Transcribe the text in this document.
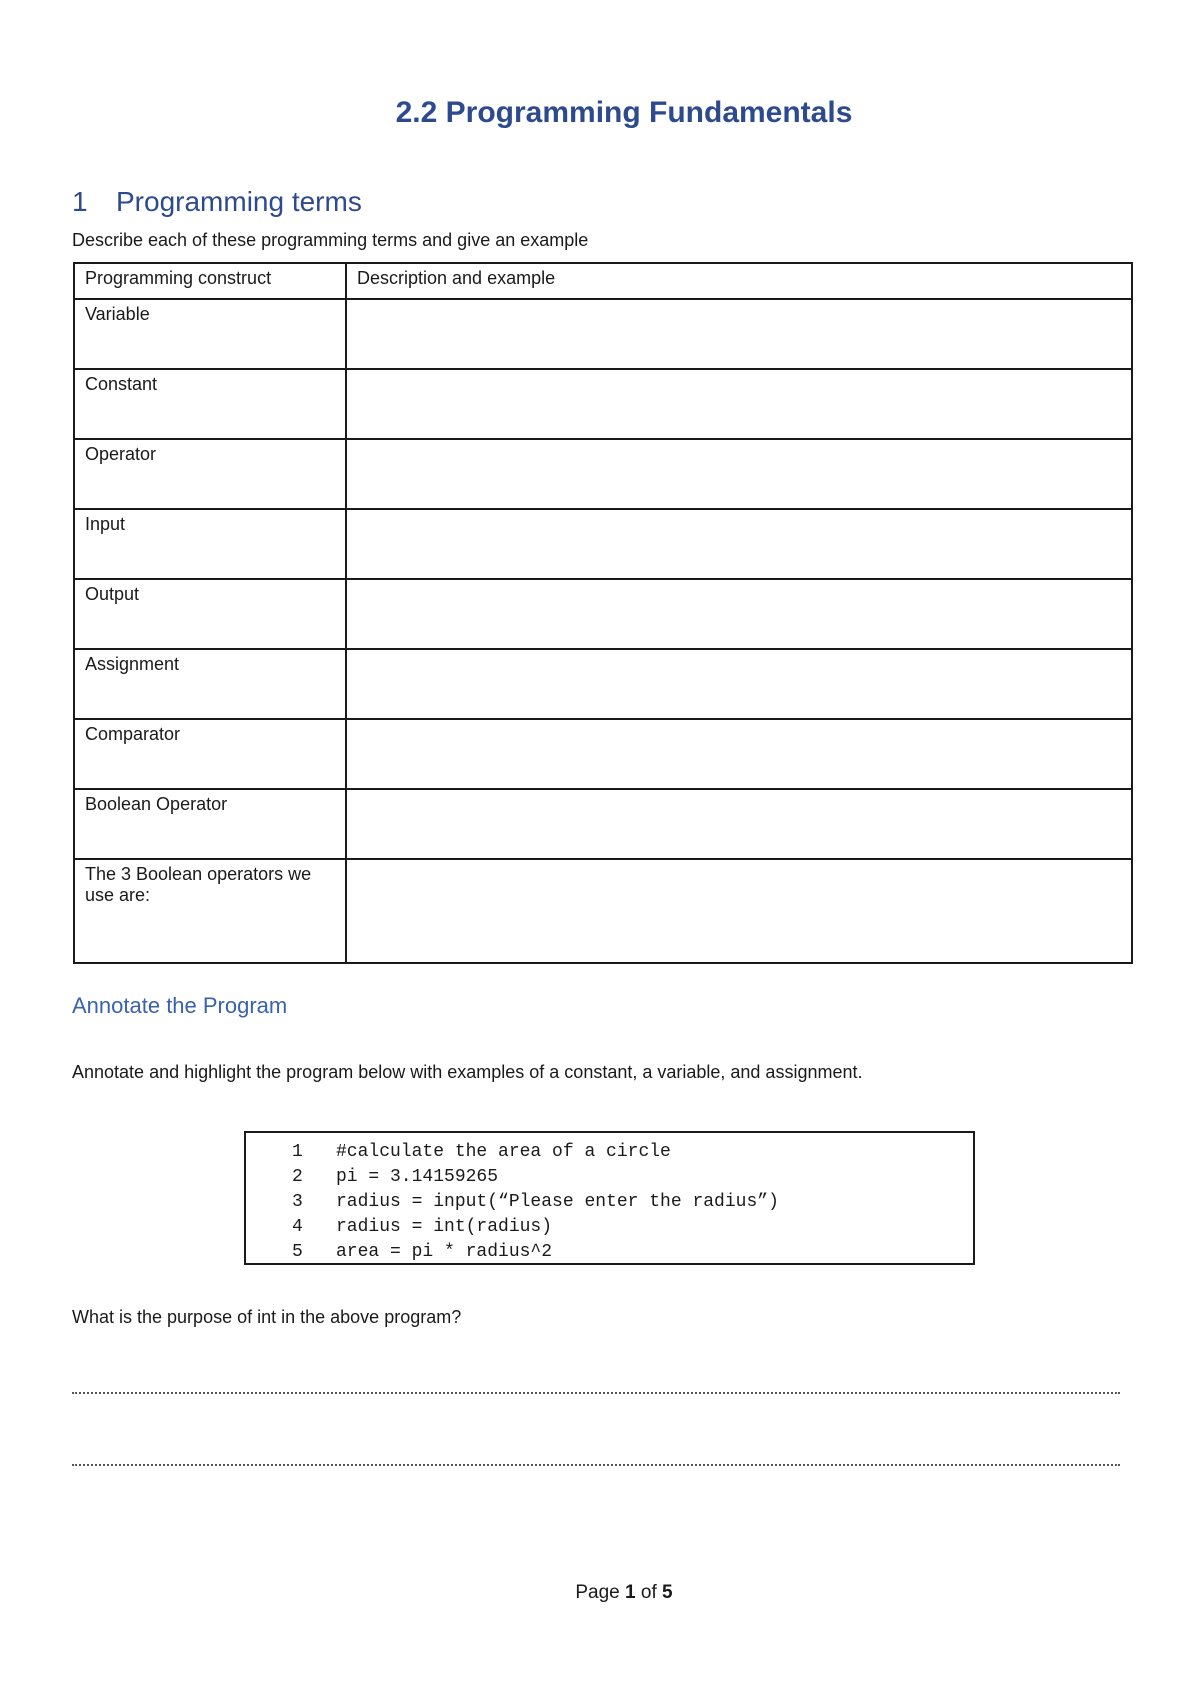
2.2 Programming Fundamentals
1 Programming terms
Describe each of these programming terms and give an example
Programming construct	Description and example
Variable	
Constant	
Operator	
Input	
Output	
Assignment	
Comparator	
Boolean Operator	
The 3 Boolean operators we use are:	
Annotate the Program
Annotate and highlight the program below with examples of a constant, a variable, and assignment.
1 #calculate the area of a circle
2 pi = 3.14159265
3 radius = input(“Please enter the radius”)
4 radius = int(radius)
5 area = pi * radius^2
What is the purpose of int in the above program?
Page 1 of 5
